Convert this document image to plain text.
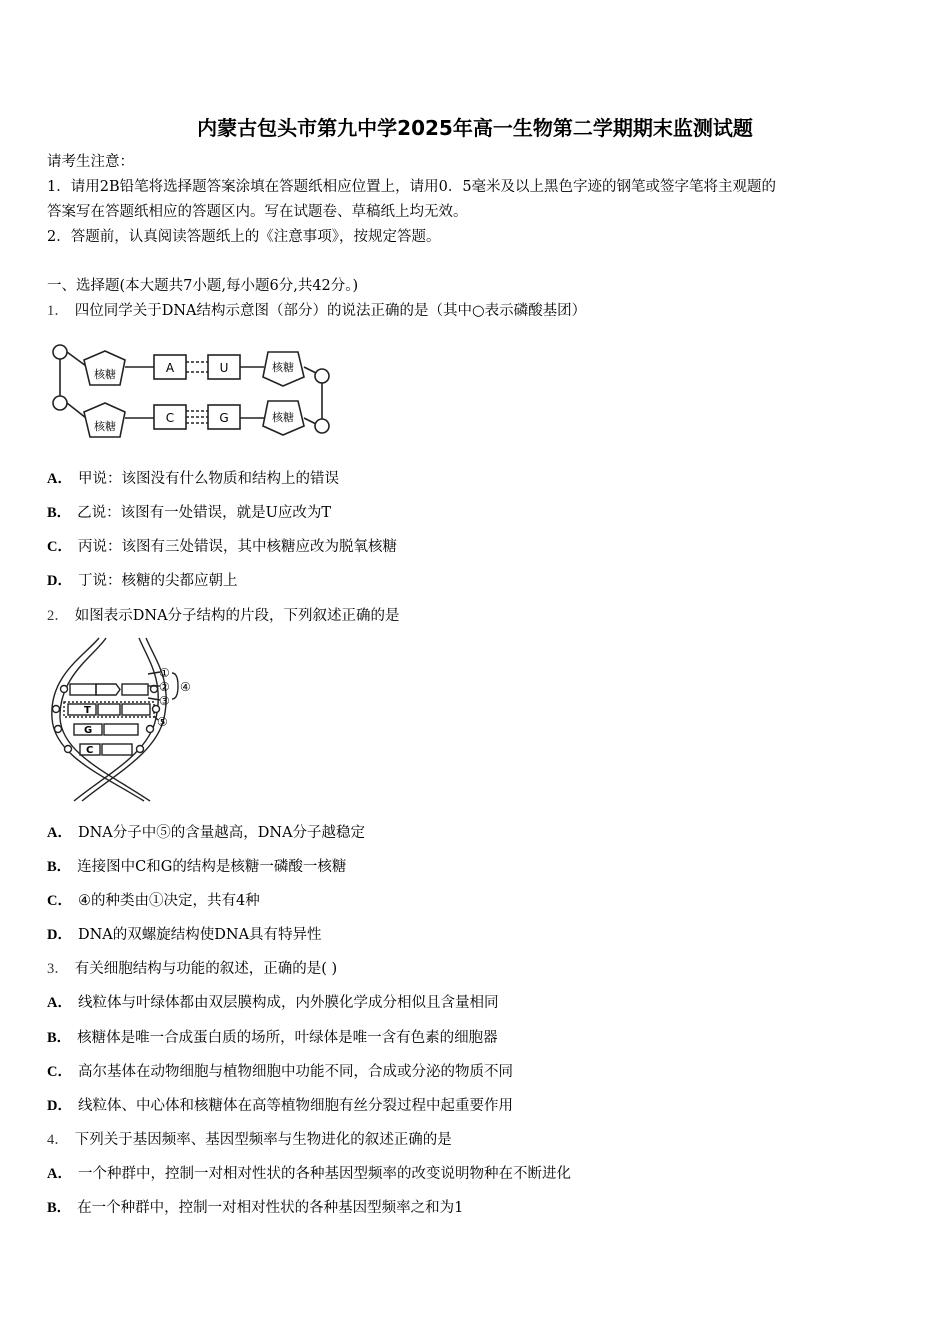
内蒙古包头市第九中学2025年高一生物第二学期期末监测试题
请考生注意：
1．请用2B铅笔将选择题答案涂填在答题纸相应位置上，请用0．5毫米及以上黑色字迹的钢笔或签字笔将主观题的
答案写在答题纸相应的答题区内。写在试题卷、草稿纸上均无效。
2．答题前，认真阅读答题纸上的《注意事项》，按规定答题。
一、选择题(本大题共7小题,每小题6分,共42分。)
1． 四位同学关于DNA结构示意图（部分）的说法正确的是（其中○表示磷酸基团）
核糖
核糖
核糖
核糖
A	U
C	G
A． 甲说：该图没有什么物质和结构上的错误
B． 乙说：该图有一处错误，就是U应改为T
C． 丙说：该图有三处错误，其中核糖应改为脱氧核糖
D． 丁说：核糖的尖都应朝上
2． 如图表示DNA分子结构的片段，下列叙述正确的是
①
②
③
④
⑤
T
G
C
A． DNA分子中⑤的含量越高，DNA分子越稳定
B． 连接图中C和G的结构是核糖一磷酸一核糖
C． ④的种类由①决定，共有4种
D． DNA的双螺旋结构使DNA具有特异性
3． 有关细胞结构与功能的叙述，正确的是( )
A． 线粒体与叶绿体都由双层膜构成，内外膜化学成分相似且含量相同
B． 核糖体是唯一合成蛋白质的场所，叶绿体是唯一含有色素的细胞器
C． 高尔基体在动物细胞与植物细胞中功能不同，合成或分泌的物质不同
D． 线粒体、中心体和核糖体在高等植物细胞有丝分裂过程中起重要作用
4． 下列关于基因频率、基因型频率与生物进化的叙述正确的是
A． 一个种群中，控制一对相对性状的各种基因型频率的改变说明物种在不断进化
B． 在一个种群中，控制一对相对性状的各种基因型频率之和为1
